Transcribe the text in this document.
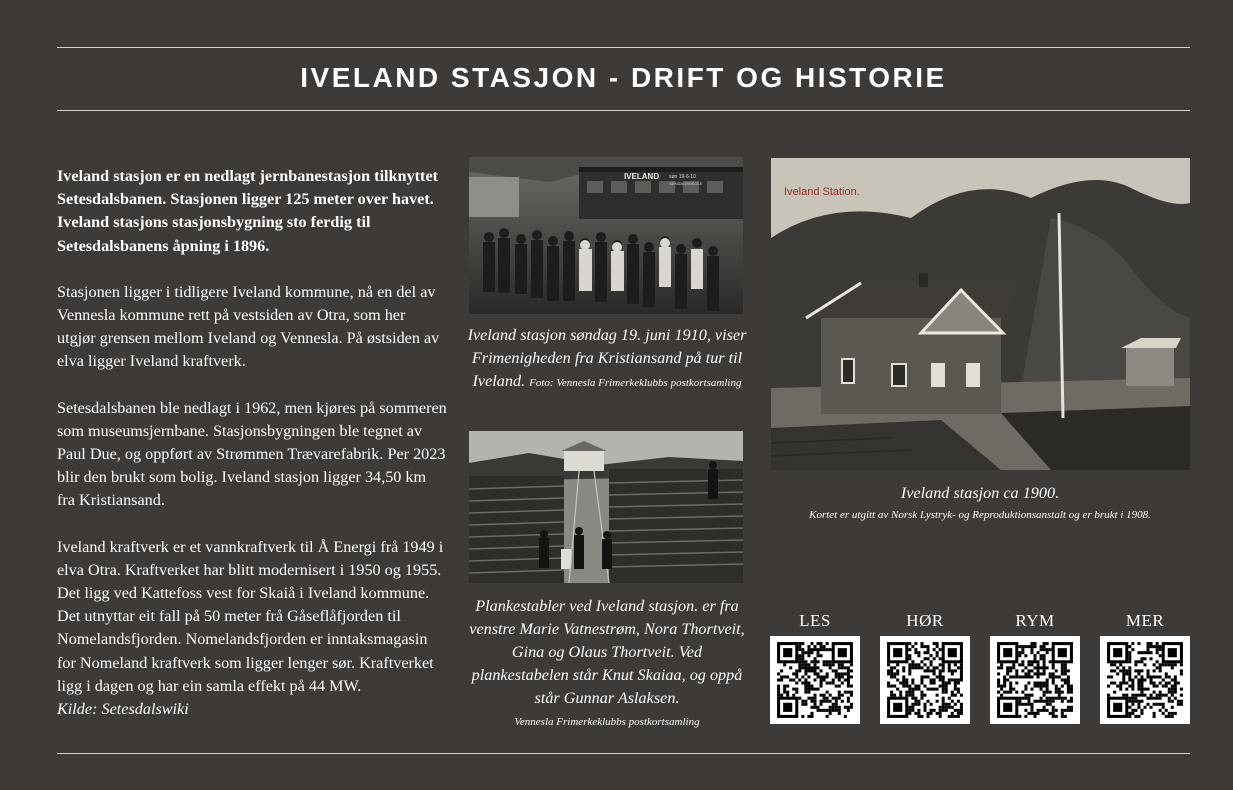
IVELAND STASJON - DRIFT OG HISTORIE

Iveland stasjon er en nedlagt jernbanestasjon tilknyttet Setesdalsbanen. Stasjonen ligger 125 meter over havet. Iveland stasjons stasjonsbygning sto ferdig til Setesdalsbanens åpning i 1896.

Stasjonen ligger i tidligere Iveland kommune, nå en del av Vennesla kommune rett på vestsiden av Otra, som her utgjør grensen mellom Iveland og Vennesla. På østsiden av elva ligger Iveland kraftverk.

Setesdalsbanen ble nedlagt i 1962, men kjøres på sommeren som museumsjernbane. Stasjonsbygningen ble tegnet av Paul Due, og oppført av Strømmen Trævarefabrik. Per 2023 blir den brukt som bolig. Iveland stasjon ligger 34,50 km fra Kristiansand.

Iveland kraftverk er et vannkraftverk til Å Energi frå 1949 i elva Otra. Kraftverket har blitt modernisert i 1950 og 1955. Det ligg ved Kattefoss vest for Skaiå i Iveland kommune. Det utnyttar eit fall på 50 meter frå Gåseflåfjorden til Nomelandsfjorden. Nomelandsfjorden er inntaksmagasin for Nomeland kraftverk som ligger lenger sør. Kraftverket ligg i dagen og har ein samla effekt på 44 MW.
Kilde: Setesdalswiki

IVELAND søn 19-6-10
SØNDAGSSKOLE
Iveland stasjon søndag 19. juni 1910, viser Frimenigheden fra Kristiansand på tur til Iveland. Foto: Vennesla Frimerkeklubbs postkortsamling
Plankestabler ved Iveland stasjon. er fra venstre Marie Vatnestrøm, Nora Thortveit, Gina og Olaus Thortveit. Ved plankestabelen står Knut Skaiaa, og oppå står Gunnar Aslaksen.
Vennesla Frimerkeklubbs postkortsamling
Iveland Station.
Iveland stasjon ca 1900.
Kortet er utgitt av Norsk Lystryk- og Reproduktionsanstalt og er brukt i 1908.
LES	HØR	RYM	MER
